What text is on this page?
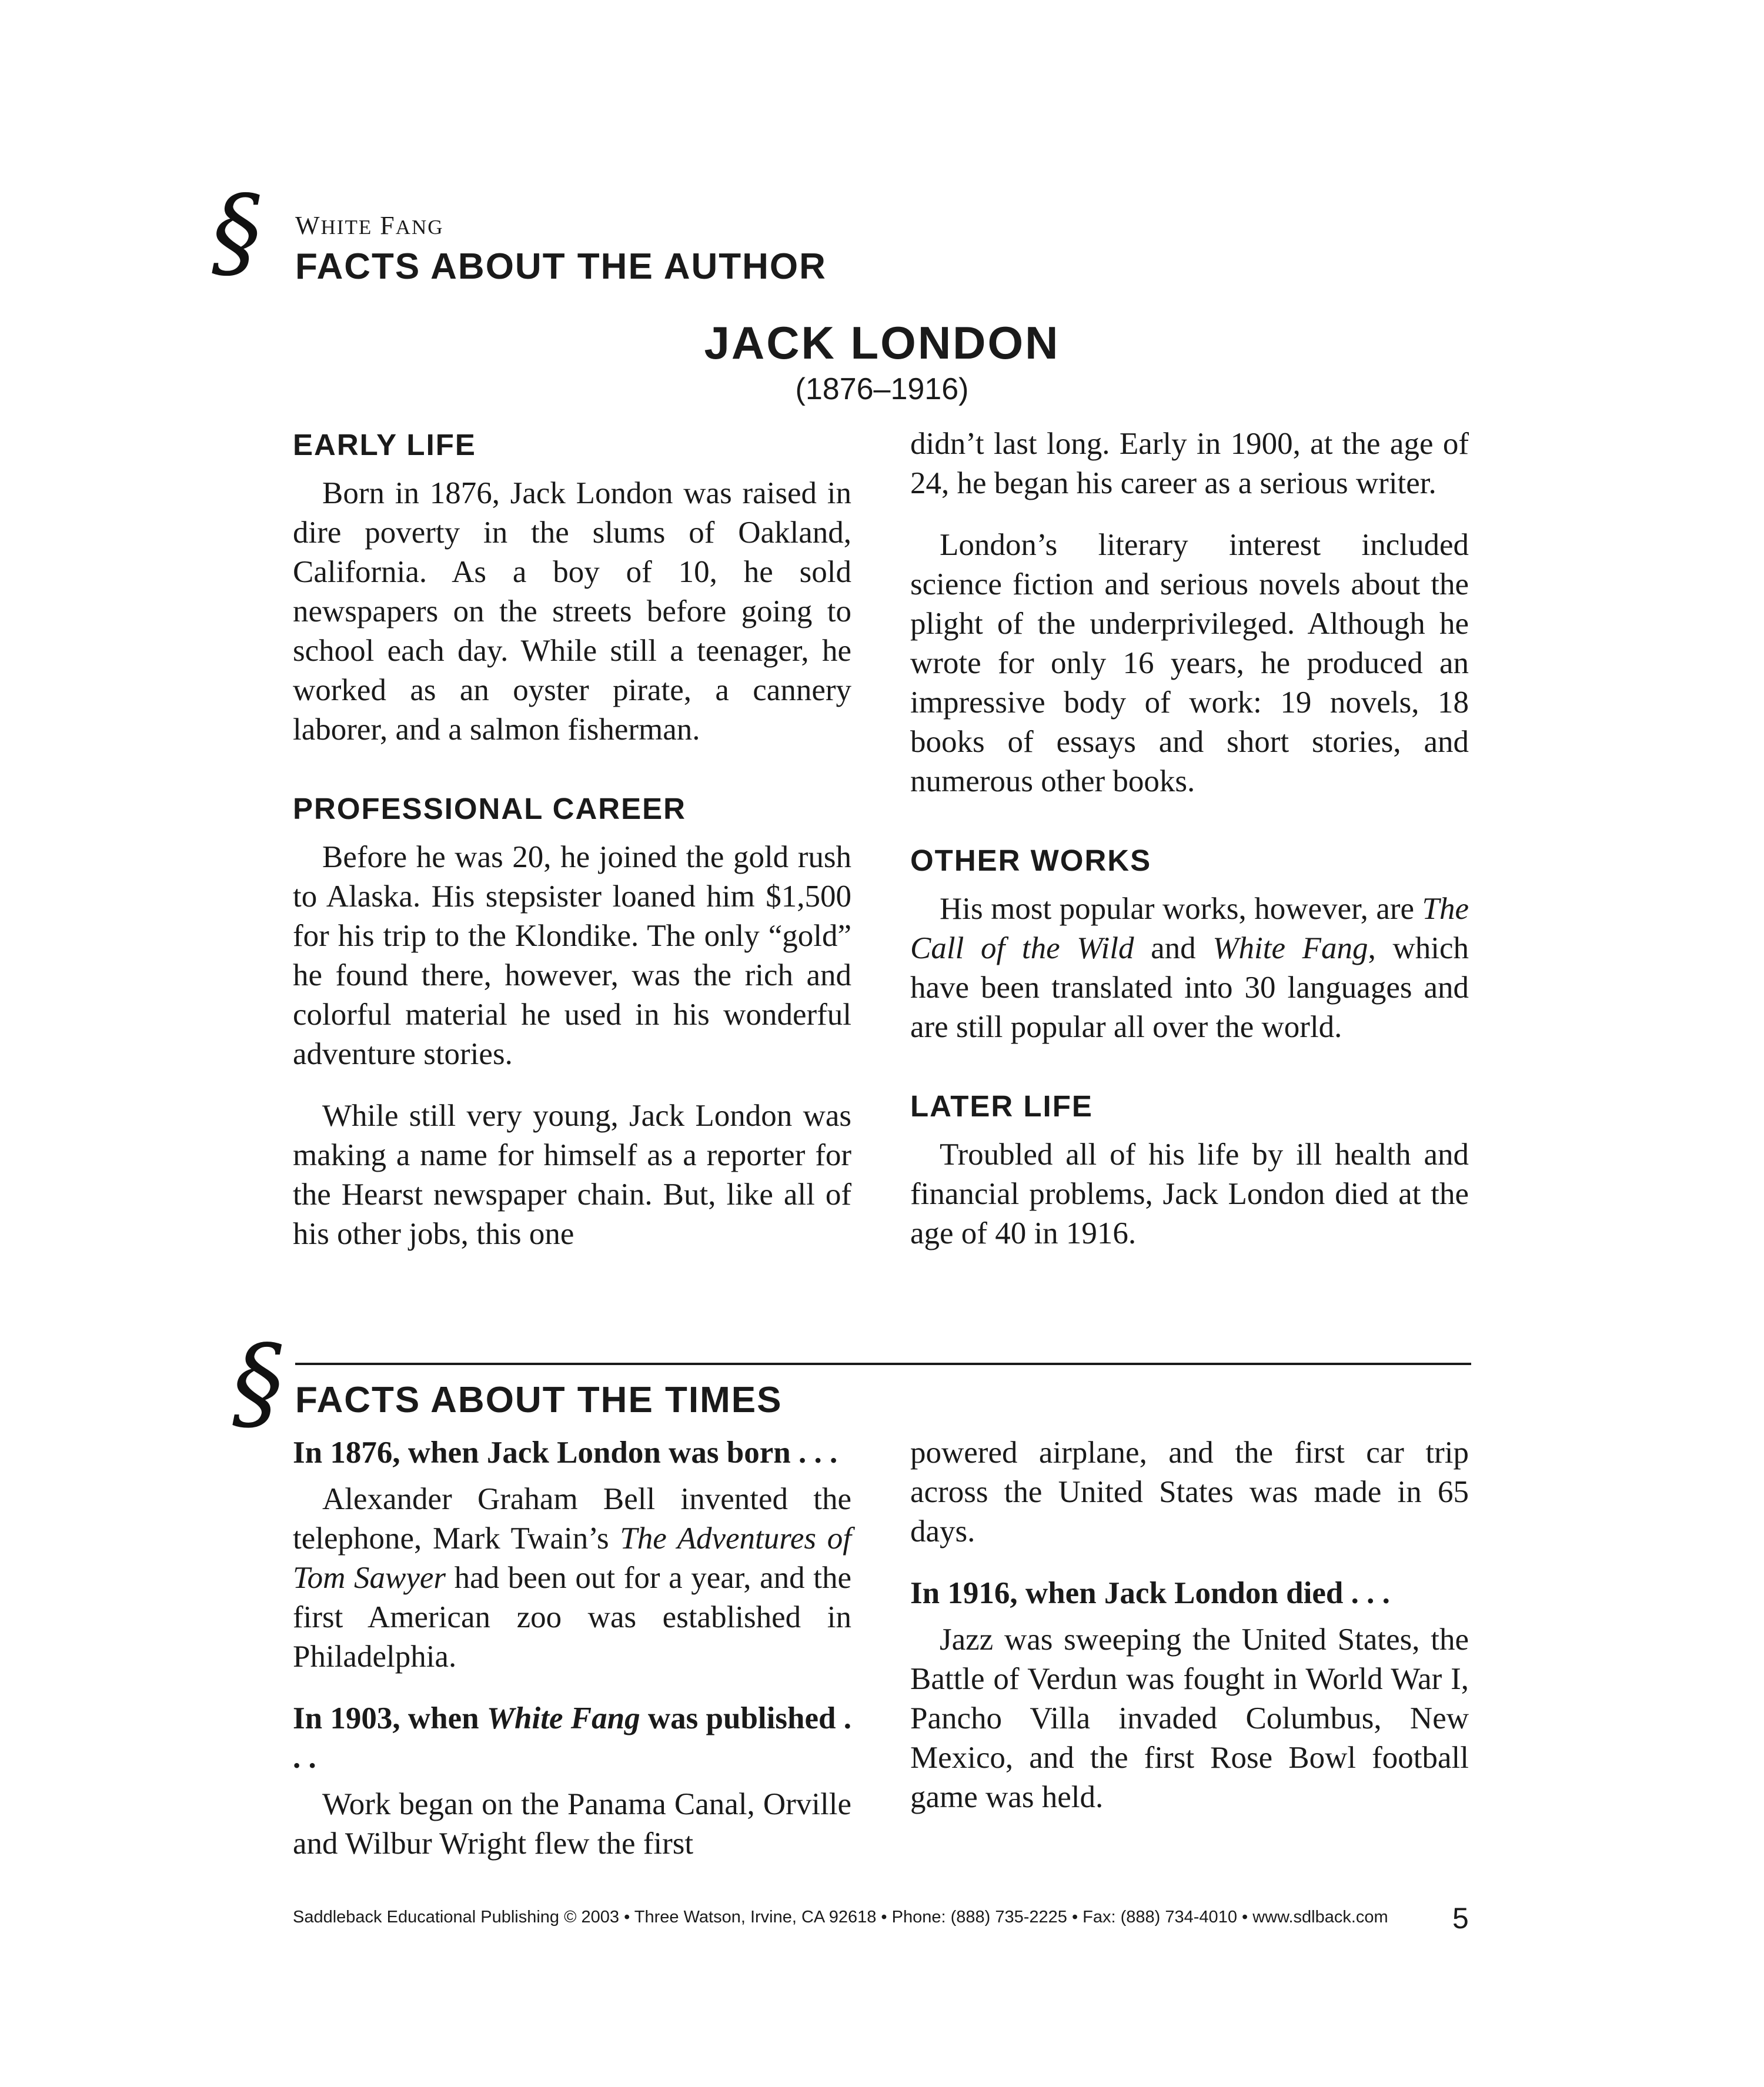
§ WHITE FANG
FACTS ABOUT THE AUTHOR
JACK LONDON
(1876–1916)
EARLY LIFE

Born in 1876, Jack London was raised in dire poverty in the slums of Oakland, California. As a boy of 10, he sold newspapers on the streets before going to school each day. While still a teenager, he worked as an oyster pirate, a cannery laborer, and a salmon fisherman.

PROFESSIONAL CAREER

Before he was 20, he joined the gold rush to Alaska. His stepsister loaned him $1,500 for his trip to the Klondike. The only “gold” he found there, however, was the rich and colorful material he used in his wonderful adventure stories.

While still very young, Jack London was making a name for himself as a reporter for the Hearst newspaper chain. But, like all of his other jobs, this one

didn’t last long. Early in 1900, at the age of 24, he began his career as a serious writer.

London’s literary interest included science fiction and serious novels about the plight of the underprivileged. Although he wrote for only 16 years, he produced an impressive body of work: 19 novels, 18 books of essays and short stories, and numerous other books.

OTHER WORKS

His most popular works, however, are The Call of the Wild and White Fang, which have been translated into 30 languages and are still popular all over the world.

LATER LIFE

Troubled all of his life by ill health and financial problems, Jack London died at the age of 40 in 1916.

§ FACTS ABOUT THE TIMES
In 1876, when Jack London was born . . .

Alexander Graham Bell invented the telephone, Mark Twain’s The Adventures of Tom Sawyer had been out for a year, and the first American zoo was established in Philadelphia.

In 1903, when White Fang was published . . .

Work began on the Panama Canal, Orville and Wilbur Wright flew the first

powered airplane, and the first car trip across the United States was made in 65 days.

In 1916, when Jack London died . . .

Jazz was sweeping the United States, the Battle of Verdun was fought in World War I, Pancho Villa invaded Columbus, New Mexico, and the first Rose Bowl football game was held.

Saddleback Educational Publishing © 2003 • Three Watson, Irvine, CA 92618 • Phone: (888) 735-2225 • Fax: (888) 734-4010 • www.sdlback.com 5
